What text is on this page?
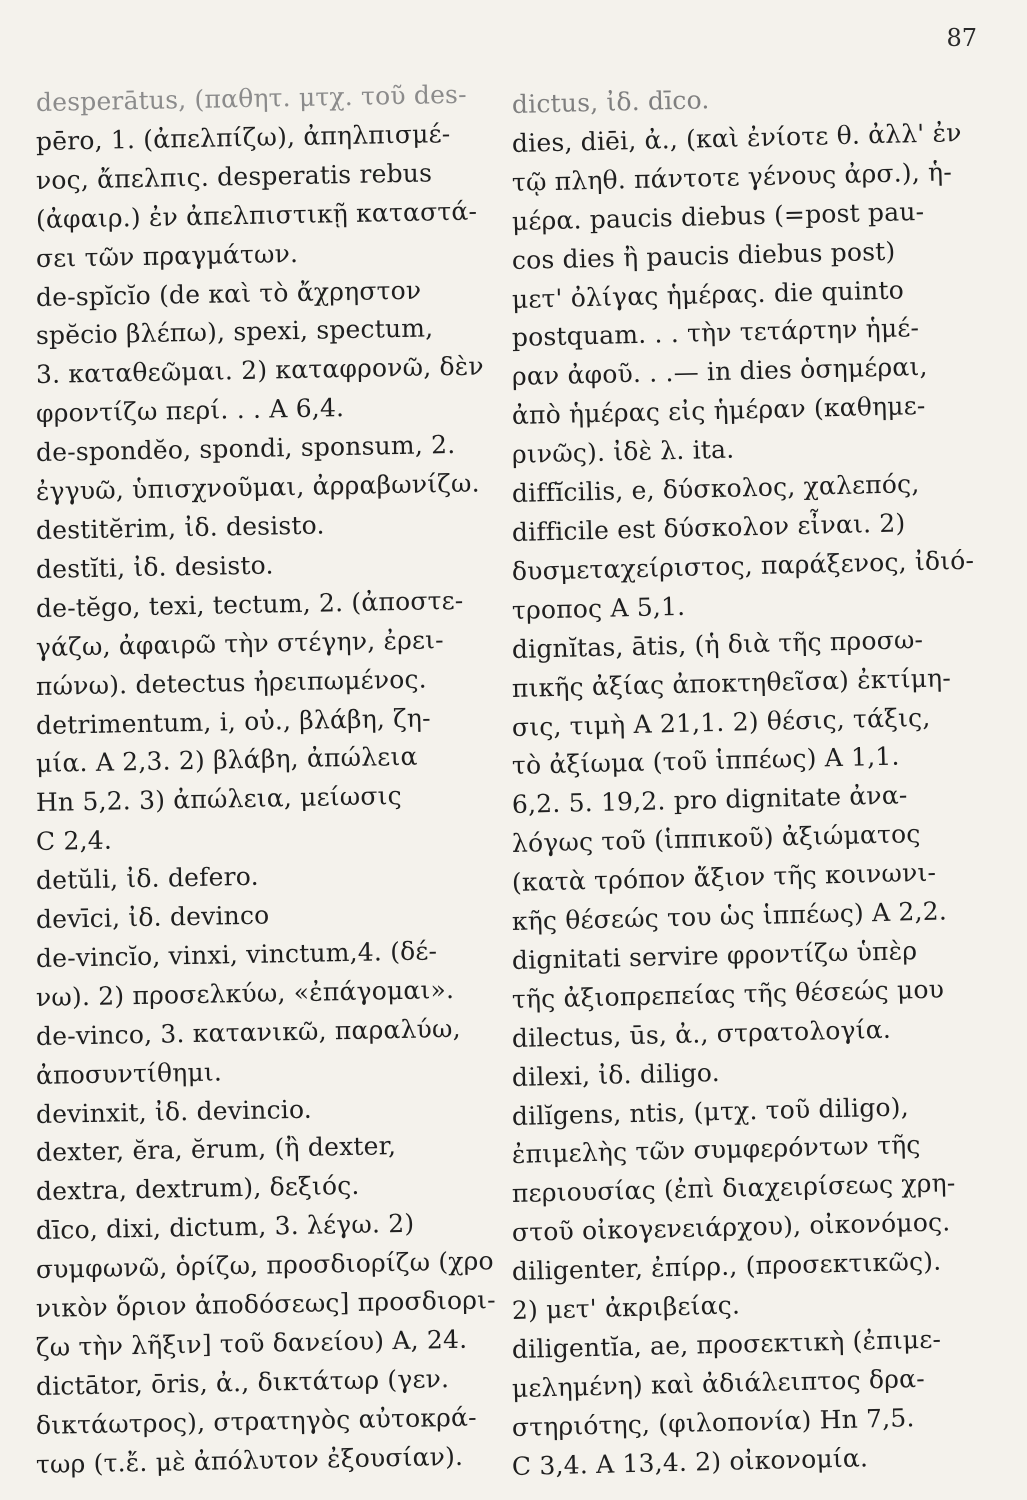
87
desperātus, (παθητ. μτχ. τοῦ des-
pēro, 1. (ἀπελπίζω), ἀπηλπισμέ-
νος, ἄπελπις. desperatis rebus
(ἀφαιρ.) ἐν ἀπελπιστικῇ καταστά-
σει τῶν πραγμάτων.
de-spĭcĭo (de καὶ τὸ ἄχρηστον
spĕcio βλέπω), spexi, spectum,
3. καταθεῶμαι. 2) καταφρονῶ, δὲν
φροντίζω περί. . . A 6,4.
de-spondĕo, spondi, sponsum, 2.
ἐγγυῶ, ὑπισχνοῦμαι, ἀρραβωνίζω.
destitĕrim, ἰδ. desisto.
destĭti, ἰδ. desisto.
de-tĕgo, texi, tectum, 2. (ἀποστε-
γάζω, ἀφαιρῶ τὴν στέγην, ἐρει-
πώνω). detectus ἠρειπωμένος.
detrimentum, i, οὐ., βλάβη, ζη-
μία. A 2,3. 2) βλάβη, ἀπώλεια
Hn 5,2. 3) ἀπώλεια, μείωσις
C 2,4.
detŭli, ἰδ. defero.
devīci, ἰδ. devinco
de-vincĭo, vinxi, vinctum,4. (δέ-
νω). 2) προσελκύω, «ἐπάγομαι».
de-vinco, 3. κατανικῶ, παραλύω,
ἀποσυντίθημι.
devinxit, ἰδ. devincio.
dexter, ĕra, ĕrum, (ἢ dexter,
dextra, dextrum), δεξιός.
dīco, dixi, dictum, 3. λέγω. 2)
συμφωνῶ, ὁρίζω, προσδιορίζω (χρο
νικὸν ὅριον ἀποδόσεως] προσδιορι-
ζω τὴν λῆξιν] τοῦ δανείου) A, 24.
dictātor, ōris, ἀ., δικτάτωρ (γεν.
δικτάωτρος), στρατηγὸς αὐτοκρά-
τωρ (τ.ἔ. μὲ ἀπόλυτον ἐξουσίαν).
dictus, ἰδ. dīco.
dies, diēi, ἀ., (καὶ ἐνίοτε θ. ἀλλ' ἐν
τῷ πληθ. πάντοτε γένους ἀρσ.), ἡ-
μέρα. paucis diebus (=post pau-
cos dies ἢ paucis diebus post)
μετ' ὀλίγας ἡμέρας. die quinto
postquam. . . τὴν τετάρτην ἡμέ-
ραν ἀφοῦ. . .— in dies ὁσημέραι,
ἀπὸ ἡμέρας εἰς ἡμέραν (καθημε-
ρινῶς). ἰδὲ λ. ita.
diffĭcilis, e, δύσκολος, χαλεπός,
difficile est δύσκολον εἶναι. 2)
δυσμεταχείριστος, παράξενος, ἰδιό-
τροπος A 5,1.
dignĭtas, ātis, (ἡ διὰ τῆς προσω-
πικῆς ἀξίας ἀποκτηθεῖσα) ἐκτίμη-
σις, τιμὴ A 21,1. 2) θέσις, τάξις,
τὸ ἀξίωμα (τοῦ ἱππέως) A 1,1.
6,2. 5. 19,2. pro dignitate ἀνα-
λόγως τοῦ (ἱππικοῦ) ἀξιώματος
(κατὰ τρόπον ἄξιον τῆς κοινωνι-
κῆς θέσεώς του ὡς ἱππέως) A 2,2.
dignitati servire φροντίζω ὑπὲρ
τῆς ἀξιοπρεπείας τῆς θέσεώς μου
dilectus, ūs, ἀ., στρατολογία.
dilexi, ἰδ. diligo.
dilĭgens, ntis, (μτχ. τοῦ diligo),
ἐπιμελὴς τῶν συμφερόντων τῆς
περιουσίας (ἐπὶ διαχειρίσεως χρη-
στοῦ οἰκογενειάρχου), οἰκονόμος.
diligenter, ἐπίρρ., (προσεκτικῶς).
2) μετ' ἀκριβείας.
diligentĭa, ae, προσεκτικὴ (ἐπιμε-
μελημένη) καὶ ἀδιάλειπτος δρα-
στηριότης, (φιλοπονία) Hn 7,5.
C 3,4. A 13,4. 2) οἰκονομία.
